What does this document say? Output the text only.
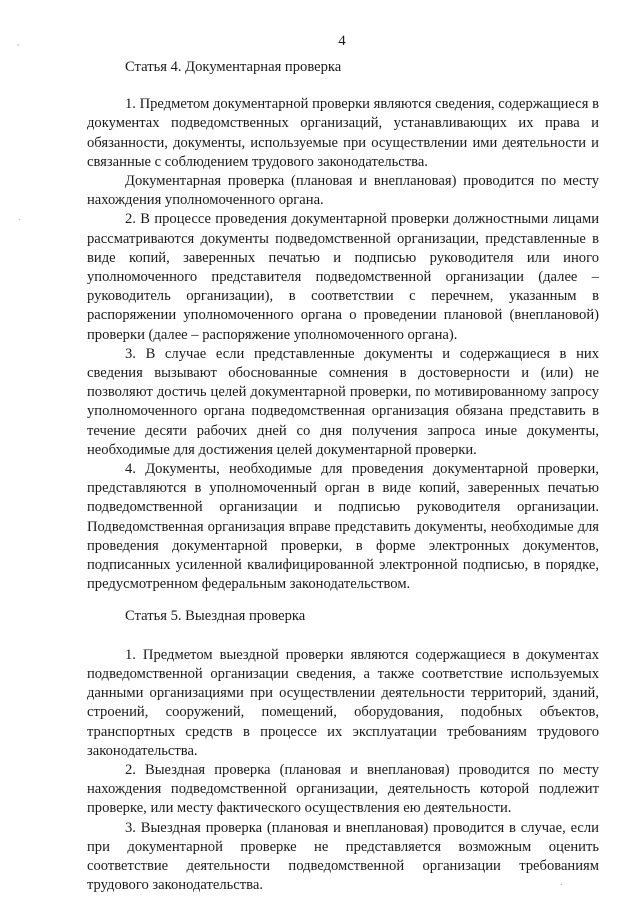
'
.
.
4
Статья 4. Документарная проверка

1. Предметом документарной проверки являются сведения, содержащиеся в документах подведомственных организаций, устанавливающих их права и обязанности, документы, используемые при осуществлении ими деятельности и связанные с соблюдением трудового законодательства.

Документарная проверка (плановая и внеплановая) проводится по месту нахождения уполномоченного органа.

2. В процессе проведения документарной проверки должностными лицами рассматриваются документы подведомственной организации, представленные в виде копий, заверенных печатью и подписью руководителя или иного уполномоченного представителя подведомственной организации (далее – руководитель организации), в соответствии с перечнем, указанным в распоряжении уполномоченного органа о проведении плановой (внеплановой) проверки (далее – распоряжение уполномоченного органа).

3. В случае если представленные документы и содержащиеся в них сведения вызывают обоснованные сомнения в достоверности и (или) не позволяют достичь целей документарной проверки, по мотивированному запросу уполномоченного органа подведомственная организация обязана представить в течение десяти рабочих дней со дня получения запроса иные документы, необходимые для достижения целей документарной проверки.

4. Документы, необходимые для проведения документарной проверки, представляются в уполномоченный орган в виде копий, заверенных печатью подведомственной организации и подписью руководителя организации. Подведомственная организация вправе представить документы, необходимые для проведения документарной проверки, в форме электронных документов, подписанных усиленной квалифицированной электронной подписью, в порядке, предусмотренном федеральным законодательством.

Статья 5. Выездная проверка

1. Предметом выездной проверки являются содержащиеся в документах подведомственной организации сведения, а также соответствие используемых данными организациями при осуществлении деятельности территорий, зданий, строений, сооружений, помещений, оборудования, подобных объектов, транспортных средств в процессе их эксплуатации требованиям трудового законодательства.

2. Выездная проверка (плановая и внеплановая) проводится по месту нахождения подведомственной организации, деятельность которой подлежит проверке, или месту фактического осуществления ею деятельности.

3. Выездная проверка (плановая и внеплановая) проводится в случае, если при документарной проверке не представляется возможным оценить соответствие деятельности подведомственной организации требованиям трудового законодательства.
